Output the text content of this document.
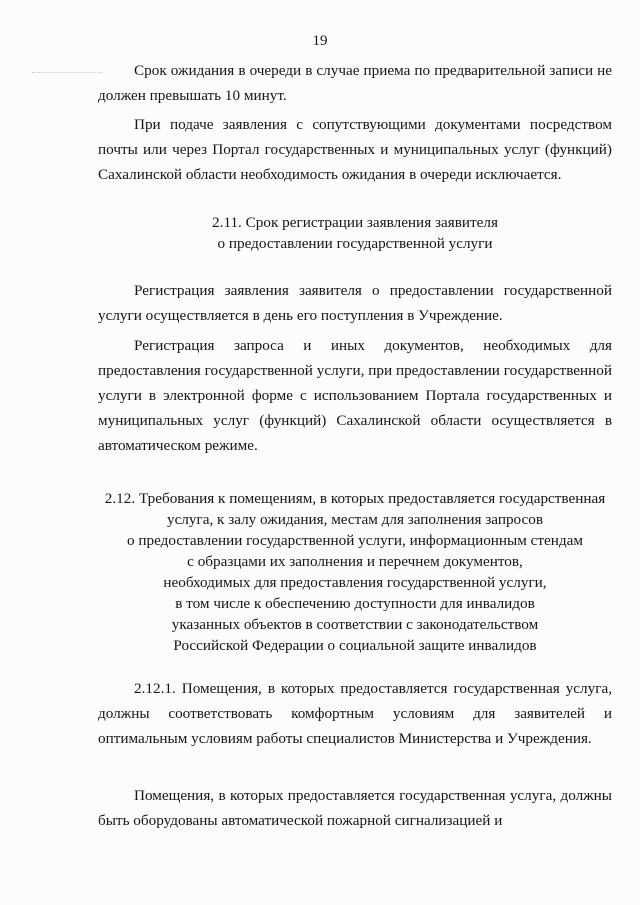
19

Срок ожидания в очереди в случае приема по предварительной записи не должен превышать 10 минут.

При подаче заявления с сопутствующими документами посредством почты или через Портал государственных и муниципальных услуг (функций) Сахалинской области необходимость ожидания в очереди исключается.

2.11. Срок регистрации заявления заявителя

о предоставлении государственной услуги

Регистрация заявления заявителя о предоставлении государственной услуги осуществляется в день его поступления в Учреждение.

Регистрация запроса и иных документов, необходимых для предоставления государственной услуги, при предоставлении государственной услуги в электронной форме с использованием Портала государственных и муниципальных услуг (функций) Сахалинской области осуществляется в автоматическом режиме.

2.12. Требования к помещениям, в которых предоставляется государственная

услуга, к залу ожидания, местам для заполнения запросов

о предоставлении государственной услуги, информационным стендам

с образцами их заполнения и перечнем документов,

необходимых для предоставления государственной услуги,

в том числе к обеспечению доступности для инвалидов

указанных объектов в соответствии с законодательством

Российской Федерации о социальной защите инвалидов

2.12.1. Помещения, в которых предоставляется государственная услуга, должны соответствовать комфортным условиям для заявителей и оптимальным условиям работы специалистов Министерства и Учреждения.

Помещения, в которых предоставляется государственная услуга, должны быть оборудованы автоматической пожарной сигнализацией и
